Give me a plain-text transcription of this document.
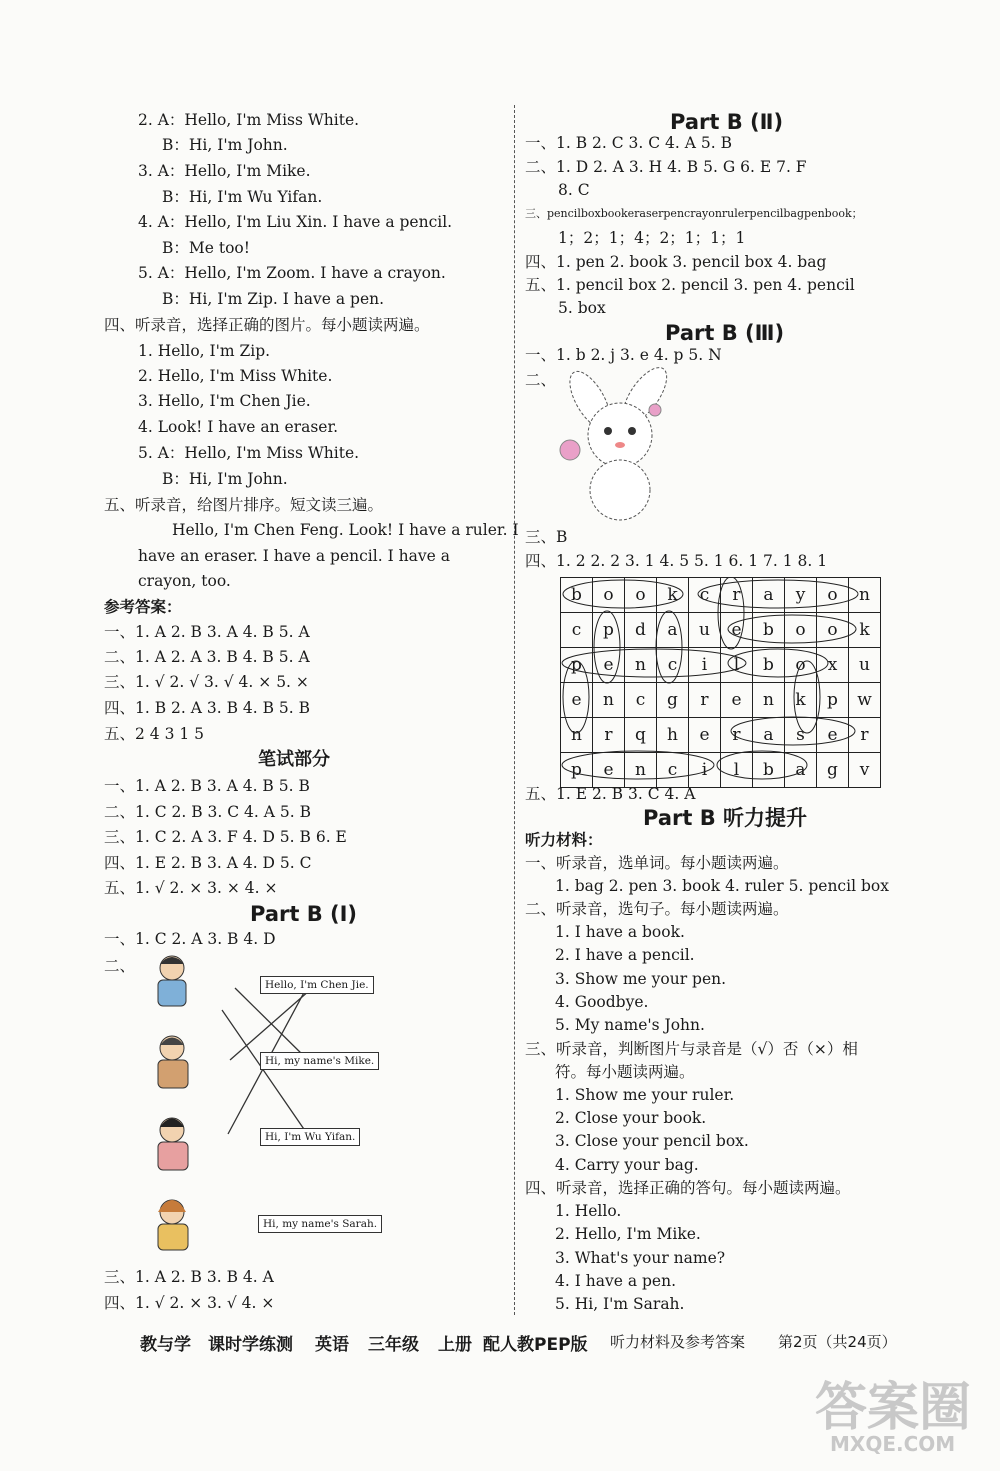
2. A：Hello, I'm Miss White.
B：Hi, I'm John.
3. A：Hello, I'm Mike.
B：Hi, I'm Wu Yifan.
4. A：Hello, I'm Liu Xin. I have a pencil.
B：Me too!
5. A：Hello, I'm Zoom. I have a crayon.
B：Hi, I'm Zip. I have a pen.
四、听录音，选择正确的图片。每小题读两遍。
1. Hello, I'm Zip.
2. Hello, I'm Miss White.
3. Hello, I'm Chen Jie.
4. Look! I have an eraser.
5. A：Hello, I'm Miss White.
B：Hi, I'm John.
五、听录音，给图片排序。短文读三遍。
Hello, I'm Chen Feng. Look! I have a ruler. I
have an eraser. I have a pencil. I have a
crayon, too.
参考答案：
一、1. A 2. B 3. A 4. B 5. A
二、1. A 2. A 3. B 4. B 5. A
三、1. √ 2. √ 3. √ 4. × 5. ×
四、1. B 2. A 3. B 4. B 5. B
五、2 4 3 1 5
笔试部分
一、1. A 2. B 3. A 4. B 5. B
二、1. C 2. B 3. C 4. A 5. B
三、1. C 2. A 3. F 4. D 5. B 6. E
四、1. E 2. B 3. A 4. D 5. C
五、1. √ 2. × 3. × 4. ×
Part B (Ⅰ)
一、1. C 2. A 3. B 4. D
二、
Hello, I'm Chen Jie.
Hi, my name's Mike.
Hi, I'm Wu Yifan.
Hi, my name's Sarah.
三、1. A 2. B 3. B 4. A
四、1. √ 2. × 3. √ 4. ×
Part B (Ⅱ)
一、1. B 2. C 3. C 4. A 5. B
二、1. D 2. A 3. H 4. B 5. G 6. E 7. F
8. C
三、pencilboxbookeraserpencrayonrulerpencilbagpenbook；
1；2；1；4；2；1；1；1
四、1. pen 2. book 3. pencil box 4. bag
五、1. pencil box 2. pencil 3. pen 4. pencil
5. box
Part B (Ⅲ)
一、1. b 2. j 3. e 4. p 5. N
二、
三、B
四、1. 2 2. 2 3. 1 4. 5 5. 1 6. 1 7. 1 8. 1
b	o	o	k	c	r	a	y	o	n
c	p	d	a	u	e	b	o	o	k
p	e	n	c	i	l	b	o	x	u
e	n	c	g	r	e	n	k	p	w
n	r	q	h	e	r	a	s	e	r
p	e	n	c	i	l	b	a	g	v
五、1. E 2. B 3. C 4. A
Part B 听力提升
听力材料：
一、听录音，选单词。每小题读两遍。
1. bag 2. pen 3. book 4. ruler 5. pencil box
二、听录音，选句子。每小题读两遍。
1. I have a book.
2. I have a pencil.
3. Show me your pen.
4. Goodbye.
5. My name's John.
三、听录音，判断图片与录音是（√）否（×）相
符。每小题读两遍。
1. Show me your ruler.
2. Close your book.
3. Close your pencil box.
4. Carry your bag.
四、听录音，选择正确的答句。每小题读两遍。
1. Hello.
2. Hello, I'm Mike.
3. What's your name?
4. I have a pen.
5. Hi, I'm Sarah.
教与学 课时学练测 英语 三年级 上册 配人教PEP版 听力材料及参考答案 第2页（共24页）
答案圈
MXQE.COM
